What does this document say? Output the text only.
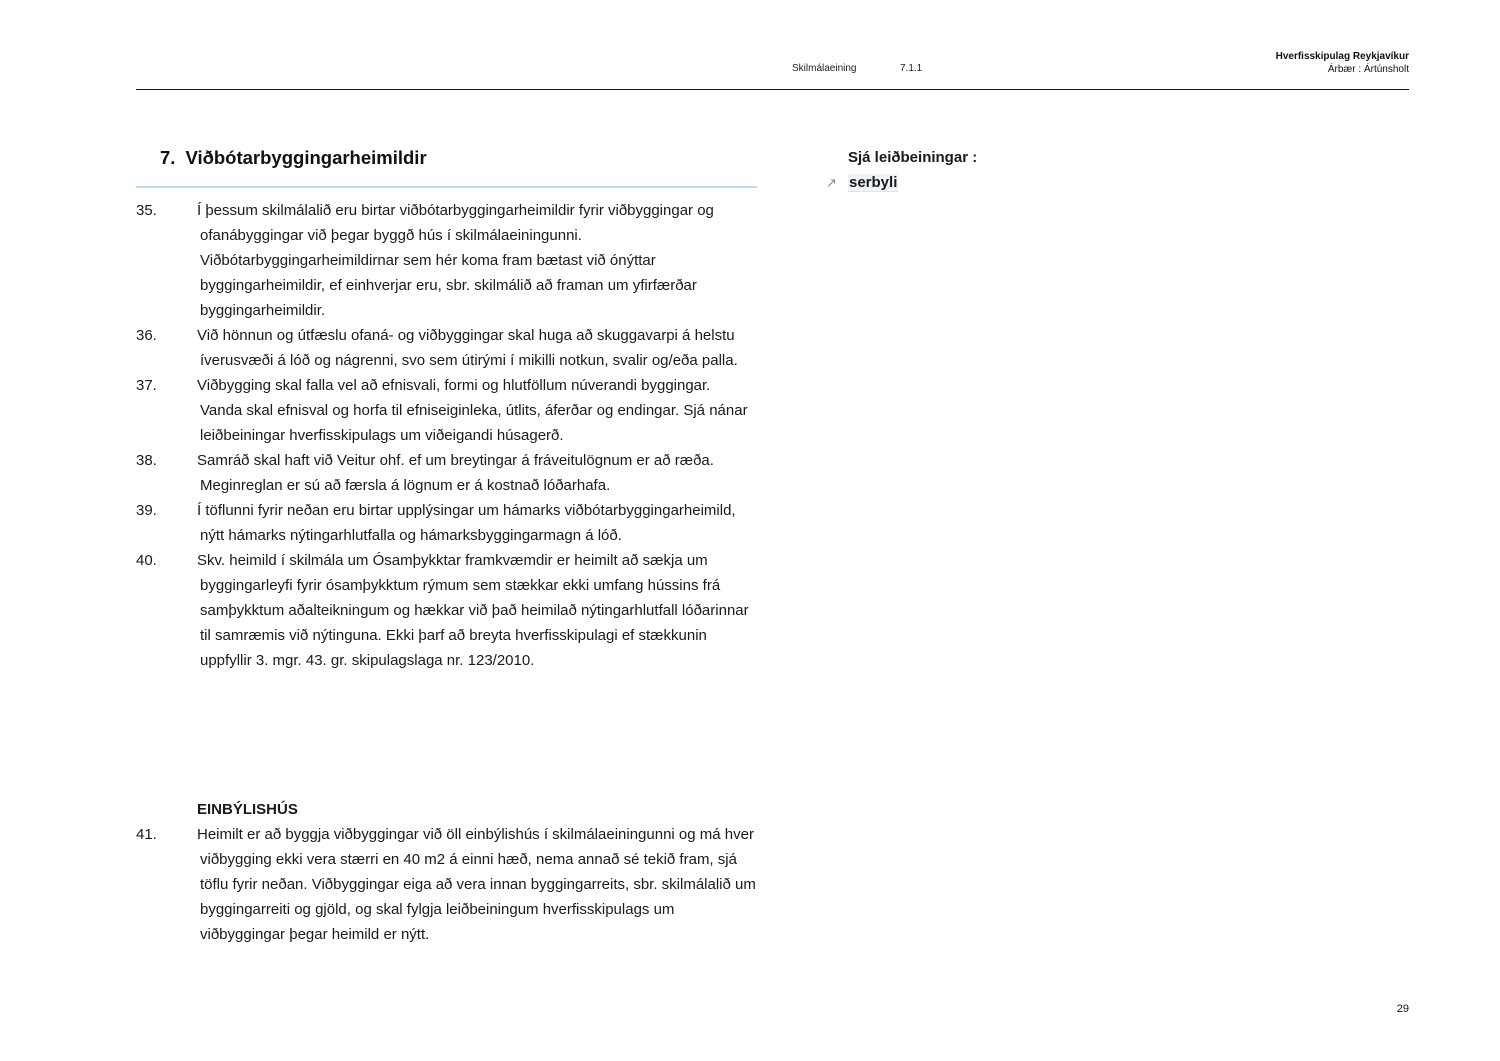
Skilmálaeining	7.1.1
Hverfisskipulag Reykjavíkur
Árbær : Ártúnsholt
7. Viðbótarbyggingarheimildir
35.	Í þessum skilmálalið eru birtar viðbótarbyggingarheimildir fyrir viðbyggingar og ofanábyggingar við þegar byggð hús í skilmálaeiningunni. Viðbótarbyggingarheimildirnar sem hér koma fram bætast við ónýttar byggingarheimildir, ef einhverjar eru, sbr. skilmálið að framan um yfirfærðar byggingarheimildir.
36.	Við hönnun og útfæslu ofaná- og viðbyggingar skal huga að skuggavarpi á helstu íverusvæði á lóð og nágrenni, svo sem útirými í mikilli notkun, svalir og/eða palla.
37.	Viðbygging skal falla vel að efnisvali, formi og hlutföllum núverandi byggingar. Vanda skal efnisval og horfa til efniseiginleka, útlits, áferðar og endingar. Sjá nánar leiðbeiningar hverfisskipulags um viðeigandi húsagerð.
38.	Samráð skal haft við Veitur ohf. ef um breytingar á fráveitulögnum er að ræða. Meginreglan er sú að færsla á lögnum er á kostnað lóðarhafa.
39.	Í töflunni fyrir neðan eru birtar upplýsingar um hámarks viðbótarbyggingarheimild, nýtt hámarks nýtingarhlutfalla og hámarksbyggingarmagn á lóð.
40.	Skv. heimild í skilmála um Ósamþykktar framkvæmdir er heimilt að sækja um byggingarleyfi fyrir ósamþykktum rýmum sem stækkar ekki umfang hússins frá samþykktum aðalteikningum og hækkar við það heimilað nýtingarhlutfall lóðarinnar til samræmis við nýtinguna. Ekki þarf að breyta hverfisskipulagi ef stækkunin uppfyllir 3. mgr. 43. gr. skipulagslaga nr. 123/2010.
EINBÝLISHÚS
41.	Heimilt er að byggja viðbyggingar við öll einbýlishús í skilmálaeiningunni og má hver viðbygging ekki vera stærri en 40 m2 á einni hæð, nema annað sé tekið fram, sjá töflu fyrir neðan. Viðbyggingar eiga að vera innan byggingarreits, sbr. skilmálalið um byggingarreiti og gjöld, og skal fylgja leiðbeiningum hverfisskipulags um viðbyggingar þegar heimild er nýtt.
Sjá leiðbeiningar :
↗ serbyli
29
